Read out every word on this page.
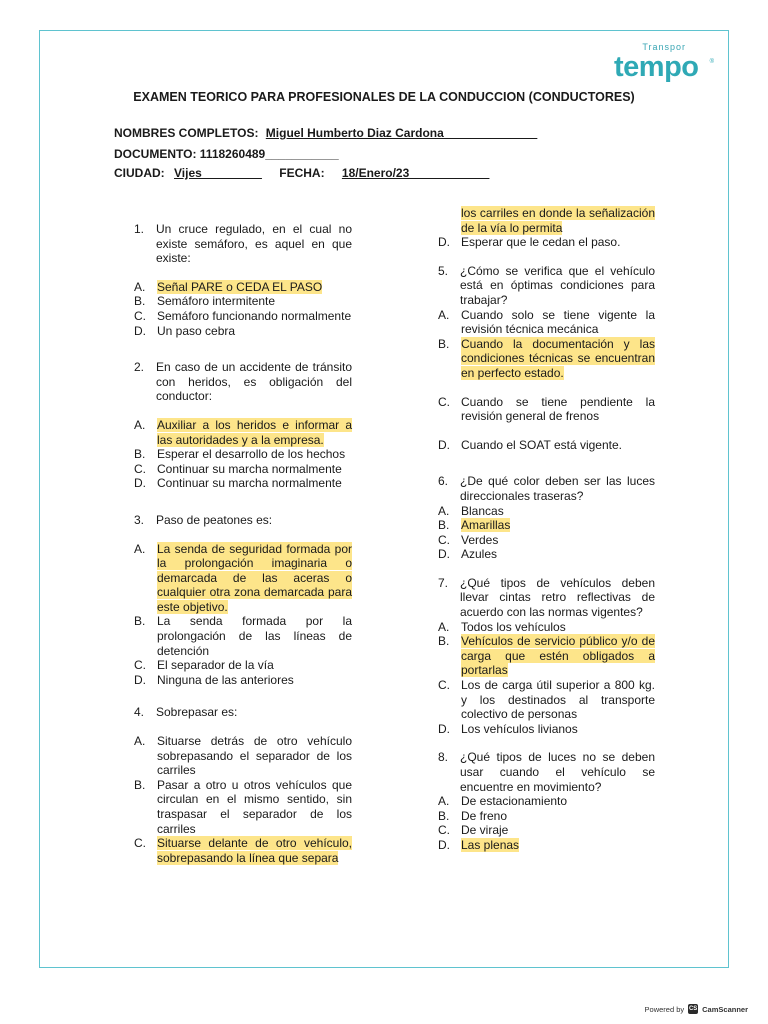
Transpor
tempo ®
EXAMEN TEORICO PARA PROFESIONALES DE LA CONDUCCION (CONDUCTORES)
NOMBRES COMPLETOS: Miguel Humberto Diaz Cardona______________
DOCUMENTO: 1118260489___________
CIUDAD: Vijes_________ FECHA: 18/Enero/23____________
1. Un cruce regulado, en el cual no existe semáforo, es aquel en que existe:
A. Señal PARE o CEDA EL PASO
B. Semáforo intermitente
C. Semáforo funcionando normalmente
D. Un paso cebra
2. En caso de un accidente de tránsito con heridos, es obligación del conductor:
A. Auxiliar a los heridos e informar a las autoridades y a la empresa.
B. Esperar el desarrollo de los hechos
C. Continuar su marcha normalmente
D. Continuar su marcha normalmente
3. Paso de peatones es:
A. La senda de seguridad formada por la prolongación imaginaria o demarcada de las aceras o cualquier otra zona demarcada para este objetivo.
B. La senda formada por la prolongación de las líneas de detención
C. El separador de la vía
D. Ninguna de las anteriores
4. Sobrepasar es:
A. Situarse detrás de otro vehículo sobrepasando el separador de los carriles
B. Pasar a otro u otros vehículos que circulan en el mismo sentido, sin traspasar el separador de los carriles
C. Situarse delante de otro vehículo, sobrepasando la línea que separa
los carriles en donde la señalización de la vía lo permita
D. Esperar que le cedan el paso.
5. ¿Cómo se verifica que el vehículo está en óptimas condiciones para trabajar?
A. Cuando solo se tiene vigente la revisión técnica mecánica
B. Cuando la documentación y las condiciones técnicas se encuentran en perfecto estado.
C. Cuando se tiene pendiente la revisión general de frenos
D. Cuando el SOAT está vigente.
6. ¿De qué color deben ser las luces direccionales traseras?
A. Blancas
B. Amarillas
C. Verdes
D. Azules
7. ¿Qué tipos de vehículos deben llevar cintas retro reflectivas de acuerdo con las normas vigentes?
A. Todos los vehículos
B. Vehículos de servicio público y/o de carga que estén obligados a portarlas
C. Los de carga útil superior a 800 kg. y los destinados al transporte colectivo de personas
D. Los vehículos livianos
8. ¿Qué tipos de luces no se deben usar cuando el vehículo se encuentre en movimiento?
A. De estacionamiento
B. De freno
C. De viraje
D. Las plenas
Powered by CS CamScanner
